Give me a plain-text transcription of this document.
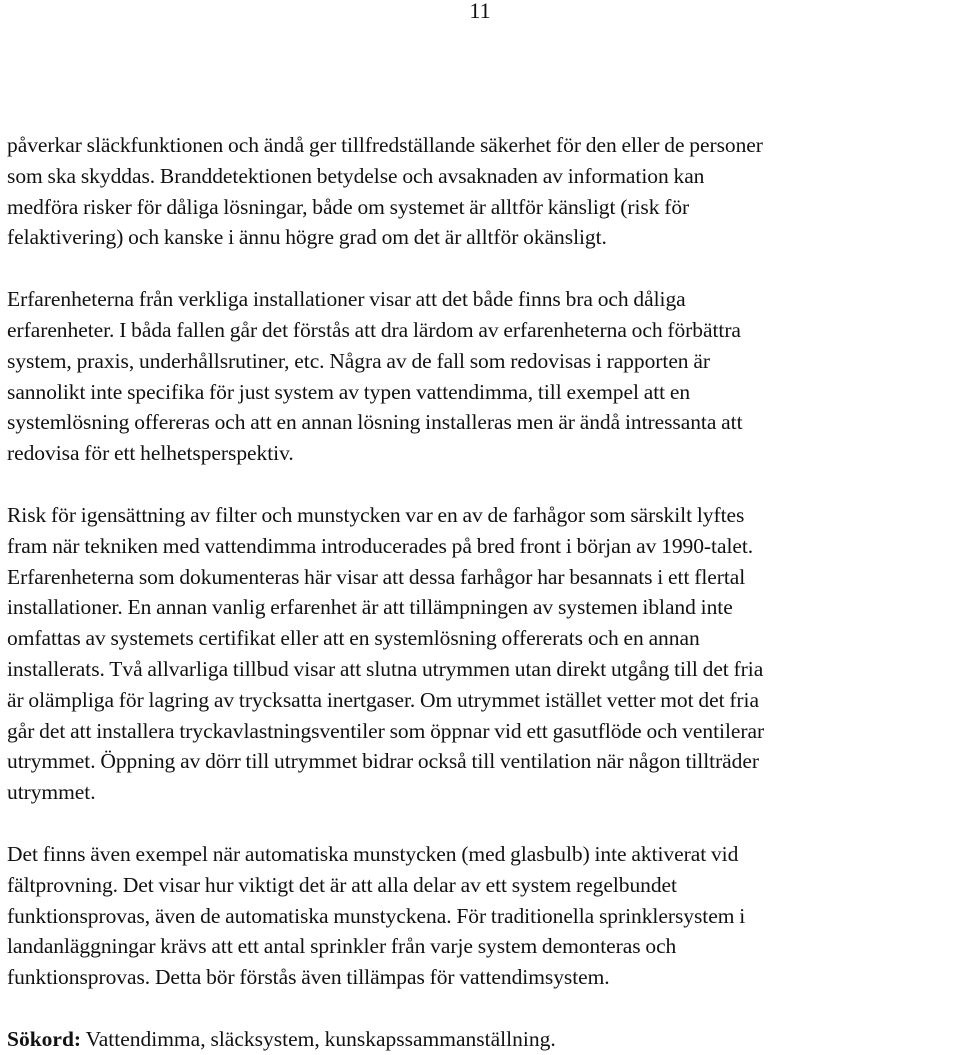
11

påverkar släckfunktionen och ändå ger tillfredställande säkerhet för den eller de personer
som ska skyddas. Branddetektionen betydelse och avsaknaden av information kan
medföra risker för dåliga lösningar, både om systemet är alltför känsligt (risk för
felaktivering) och kanske i ännu högre grad om det är alltför okänsligt.

Erfarenheterna från verkliga installationer visar att det både finns bra och dåliga
erfarenheter. I båda fallen går det förstås att dra lärdom av erfarenheterna och förbättra
system, praxis, underhållsrutiner, etc. Några av de fall som redovisas i rapporten är
sannolikt inte specifika för just system av typen vattendimma, till exempel att en
systemlösning offereras och att en annan lösning installeras men är ändå intressanta att
redovisa för ett helhetsperspektiv.

Risk för igensättning av filter och munstycken var en av de farhågor som särskilt lyftes
fram när tekniken med vattendimma introducerades på bred front i början av 1990-talet.
Erfarenheterna som dokumenteras här visar att dessa farhågor har besannats i ett flertal
installationer. En annan vanlig erfarenhet är att tillämpningen av systemen ibland inte
omfattas av systemets certifikat eller att en systemlösning offererats och en annan
installerats. Två allvarliga tillbud visar att slutna utrymmen utan direkt utgång till det fria
är olämpliga för lagring av trycksatta inertgaser. Om utrymmet istället vetter mot det fria
går det att installera tryckavlastningsventiler som öppnar vid ett gasutflöde och ventilerar
utrymmet. Öppning av dörr till utrymmet bidrar också till ventilation när någon tillträder
utrymmet.

Det finns även exempel när automatiska munstycken (med glasbulb) inte aktiverat vid
fältprovning. Det visar hur viktigt det är att alla delar av ett system regelbundet
funktionsprovas, även de automatiska munstyckena. För traditionella sprinklersystem i
landanläggningar krävs att ett antal sprinkler från varje system demonteras och
funktionsprovas. Detta bör förstås även tillämpas för vattendimsystem.

Sökord: Vattendimma, släcksystem, kunskapssammanställning.
